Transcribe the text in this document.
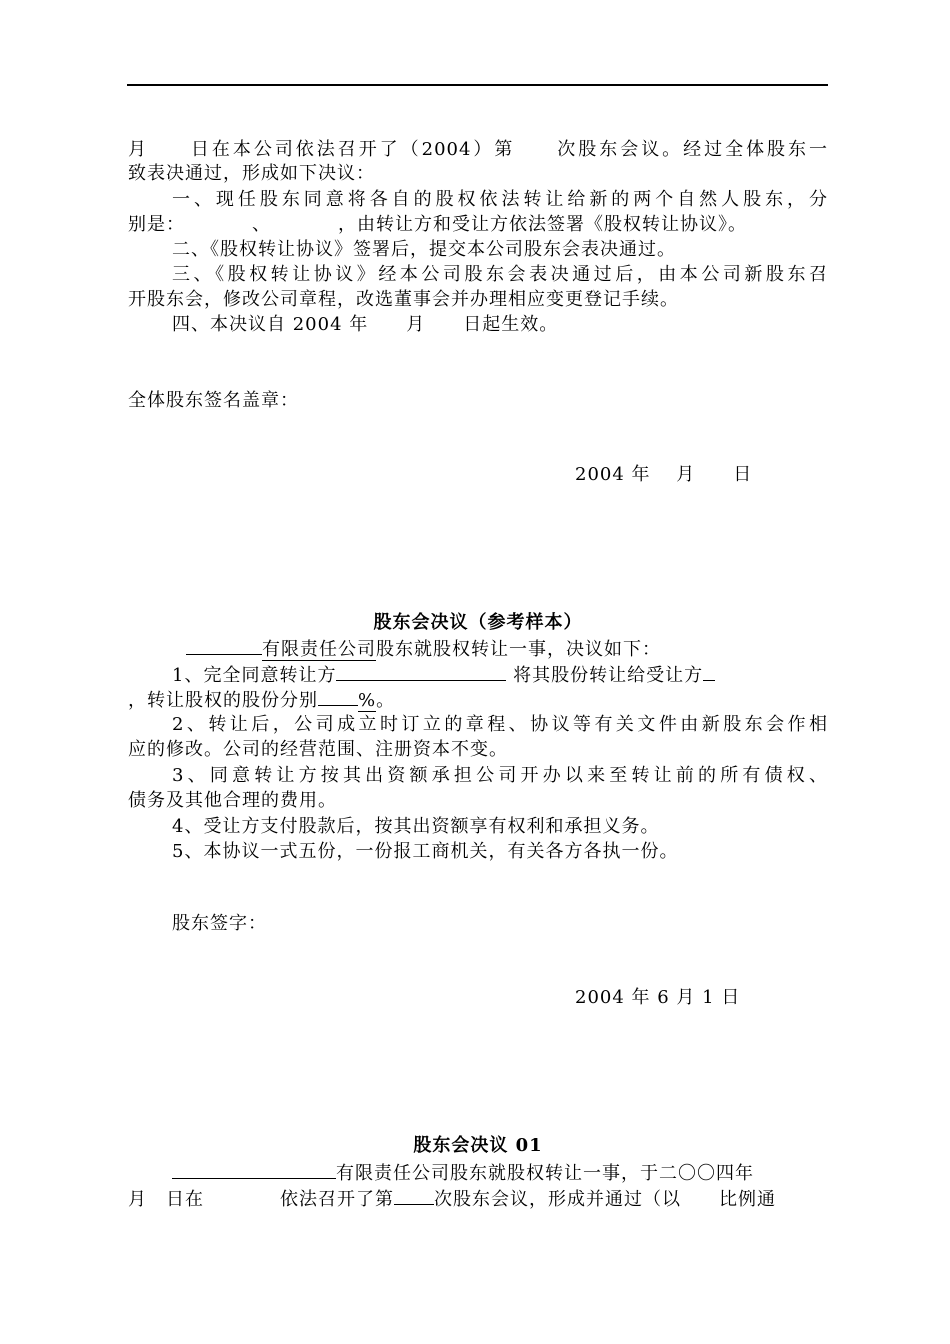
月　　日在本公司依法召开了（2004）第　　次股东会议。经过全体股东一
致表决通过，形成如下决议：
一、现任股东同意将各自的股权依法转让给新的两个自然人股东，分
别是：　　　　、　　　　，由转让方和受让方依法签署《股权转让协议》。
二、《股权转让协议》签署后，提交本公司股东会表决通过。
三、《股权转让协议》经本公司股东会表决通过后，由本公司新股东召
开股东会，修改公司章程，改选董事会并办理相应变更登记手续。
四、本决议自 2004 年　　月　　日起生效。
全体股东签名盖章：
2004 年　 月　　日
股东会决议（参考样本）
有限责任公司股东就股权转让一事，决议如下：
1、完全同意转让方	将其股份转让给受让方
，转让股权的股份分别 %。
2、转让后，公司成立时订立的章程、协议等有关文件由新股东会作相
应的修改。公司的经营范围、注册资本不变。
3、同意转让方按其出资额承担公司开办以来至转让前的所有债权、
债务及其他合理的费用。
4、受让方支付股款后，按其出资额享有权利和承担义务。
5、本协议一式五份，一份报工商机关，有关各方各执一份。
股东签字：
2004 年 6 月 1 日
股东会决议 01
有限责任公司股东就股权转让一事，于二〇〇四年
月　日在　　　　依法召开了第 次股东会议，形成并通过（以　　比例通
